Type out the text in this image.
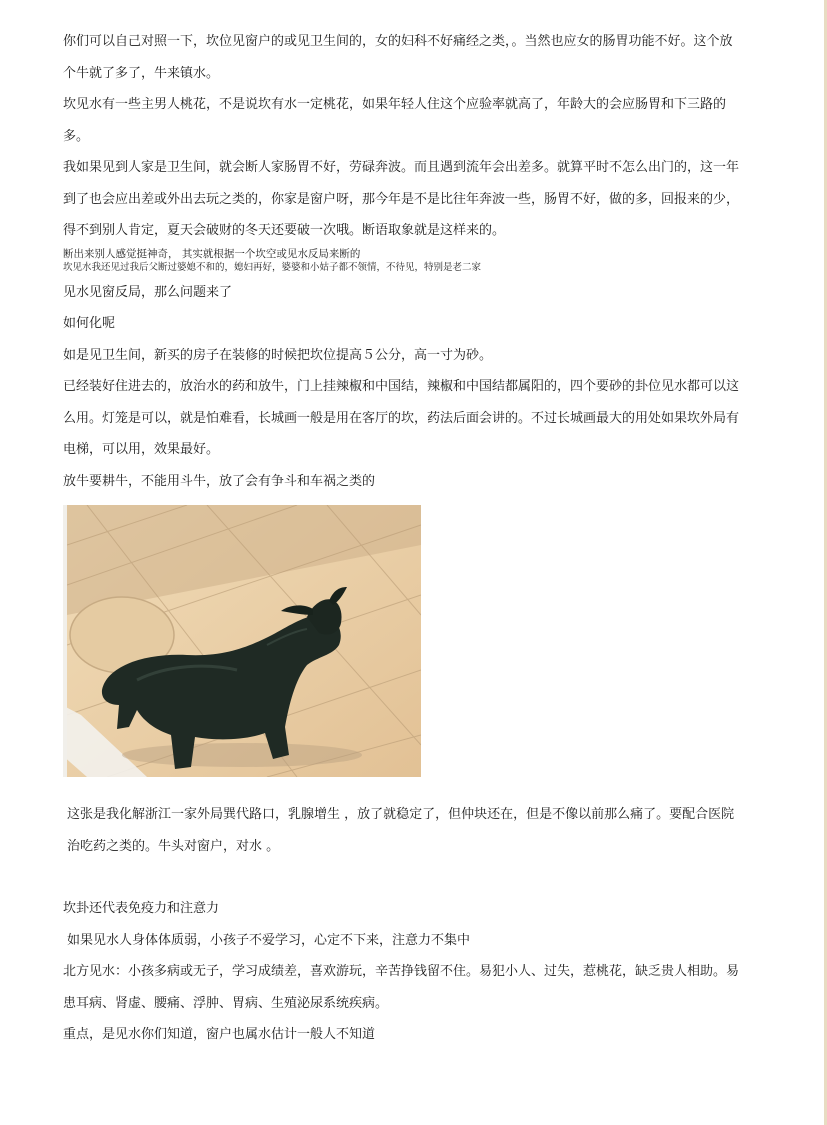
你们可以自己对照一下，坎位见窗户的或见卫生间的，女的妇科不好痛经之类，。当然也应女的肠胃功能不好。这个放个牛就了多了，牛来镇水。

坎见水有一些主男人桃花，不是说坎有水一定桃花，如果年轻人住这个应验率就高了，年龄大的会应肠胃和下三路的多。

我如果见到人家是卫生间，就会断人家肠胃不好，劳碌奔波。而且遇到流年会出差多。就算平时不怎么出门的，这一年到了也会应出差或外出去玩之类的，你家是窗户呀，那今年是不是比往年奔波一些，肠胃不好，做的多，回报来的少，得不到别人肯定，夏天会破财的冬天还要破一次哦。断语取象就是这样来的。

断出来别人感觉挺神奇， 其实就根据一个坎空或见水反局来断的

坎见水我还见过我后父断过婆媳不和的，媳妇再好，婆婆和小姑子都不领情，不待见，特别是老二家

见水见窗反局，那么问题来了

如何化呢

如是见卫生间，新买的房子在装修的时候把坎位提高５公分，高一寸为砂。

已经装好住进去的，放治水的药和放牛，门上挂辣椒和中国结，辣椒和中国结都属阳的，四个要砂的卦位见水都可以这么用。灯笼是可以，就是怕难看，长城画一般是用在客厅的坎，药法后面会讲的。不过长城画最大的用处如果坎外局有电梯，可以用，效果最好。

放牛要耕牛，不能用斗牛，放了会有争斗和车祸之类的

这张是我化解浙江一家外局巽代路口，乳腺增生 ，放了就稳定了，但仲块还在，但是不像以前那么痛了。要配合医院治吃药之类的。牛头对窗户，对水 。

坎卦还代表免疫力和注意力

如果见水人身体体质弱，小孩子不爱学习，心定不下来，注意力不集中

北方见水：小孩多病或无子，学习成绩差，喜欢游玩，辛苦挣钱留不住。易犯小人、过失，惹桃花，缺乏贵人相助。易患耳病、肾虚、腰痛、浮肿、胃病、生殖泌尿系统疾病。

重点，是见水你们知道，窗户也属水估计一般人不知道
